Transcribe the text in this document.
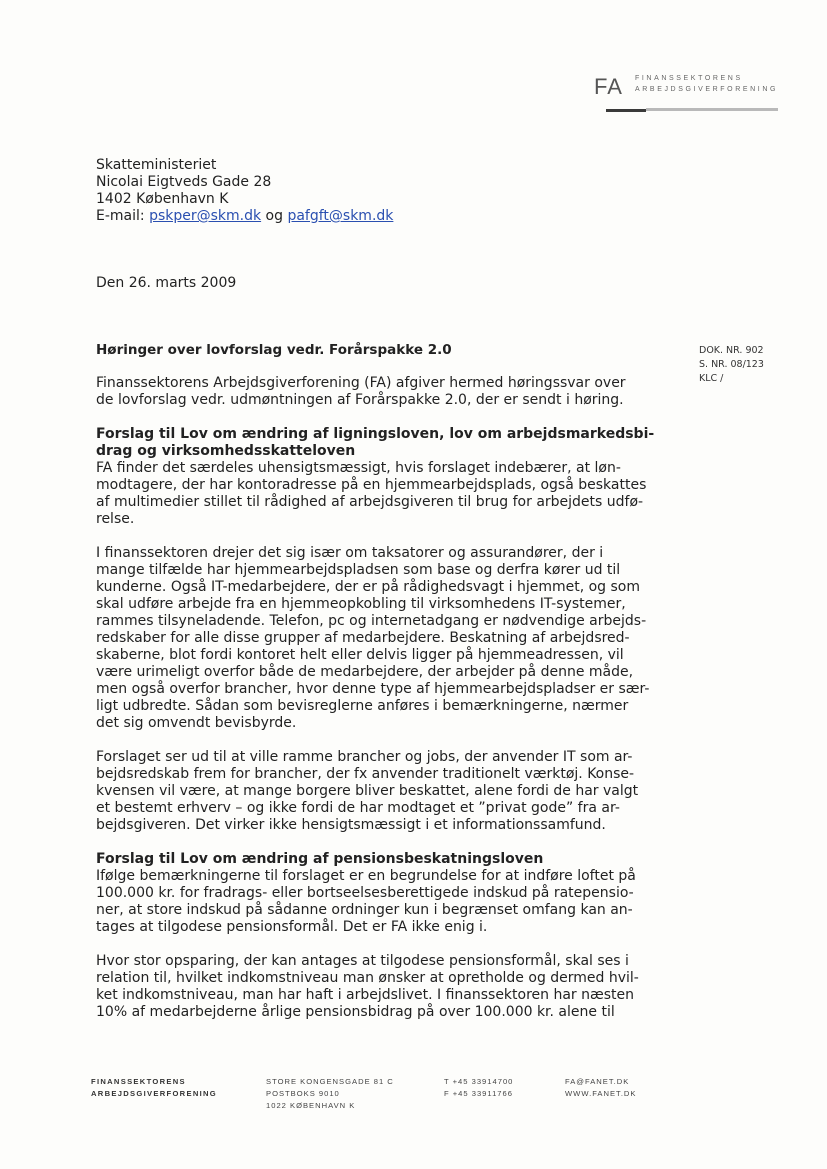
FA FINANSSEKTORENS
ARBEJDSGIVERFORENING
Skatteministeriet
Nicolai Eigtveds Gade 28
1402 København K
E-mail: pskper@skm.dk og pafgft@skm.dk
Den 26. marts 2009
DOK. NR. 902
S. NR. 08/123
KLC /
Høringer over lovforslag vedr. Forårspakke 2.0

Finanssektorens Arbejdsgiverforening (FA) afgiver hermed høringssvar over
de lovforslag vedr. udmøntningen af Forårspakke 2.0, der er sendt i høring.

Forslag til Lov om ændring af ligningsloven, lov om arbejdsmarkedsbi-
drag og virksomhedsskatteloven

FA finder det særdeles uhensigtsmæssigt, hvis forslaget indebærer, at løn-
modtagere, der har kontoradresse på en hjemmearbejdsplads, også beskattes
af multimedier stillet til rådighed af arbejdsgiveren til brug for arbejdets udfø-
relse.

I finanssektoren drejer det sig især om taksatorer og assurandører, der i
mange tilfælde har hjemmearbejdspladsen som base og derfra kører ud til
kunderne. Også IT-medarbejdere, der er på rådighedsvagt i hjemmet, og som
skal udføre arbejde fra en hjemmeopkobling til virksomhedens IT-systemer,
rammes tilsyneladende. Telefon, pc og internetadgang er nødvendige arbejds-
redskaber for alle disse grupper af medarbejdere. Beskatning af arbejdsred-
skaberne, blot fordi kontoret helt eller delvis ligger på hjemmeadressen, vil
være urimeligt overfor både de medarbejdere, der arbejder på denne måde,
men også overfor brancher, hvor denne type af hjemmearbejdspladser er sær-
ligt udbredte. Sådan som bevisreglerne anføres i bemærkningerne, nærmer
det sig omvendt bevisbyrde.

Forslaget ser ud til at ville ramme brancher og jobs, der anvender IT som ar-
bejdsredskab frem for brancher, der fx anvender traditionelt værktøj. Konse-
kvensen vil være, at mange borgere bliver beskattet, alene fordi de har valgt
et bestemt erhverv – og ikke fordi de har modtaget et ”privat gode” fra ar-
bejdsgiveren. Det virker ikke hensigtsmæssigt i et informationssamfund.

Forslag til Lov om ændring af pensionsbeskatningsloven

Ifølge bemærkningerne til forslaget er en begrundelse for at indføre loftet på
100.000 kr. for fradrags- eller bortseelsesberettigede indskud på ratepensio-
ner, at store indskud på sådanne ordninger kun i begrænset omfang kan an-
tages at tilgodese pensionsformål. Det er FA ikke enig i.

Hvor stor opsparing, der kan antages at tilgodese pensionsformål, skal ses i
relation til, hvilket indkomstniveau man ønsker at opretholde og dermed hvil-
ket indkomstniveau, man har haft i arbejdslivet. I finanssektoren har næsten
10% af medarbejderne årlige pensionsbidrag på over 100.000 kr. alene til

FINANSSEKTORENS
ARBEJDSGIVERFORENING
STORE KONGENSGADE 81 C
POSTBOKS 9010
1022 KØBENHAVN K
T +45 33914700
F +45 33911766
FA@FANET.DK
WWW.FANET.DK
